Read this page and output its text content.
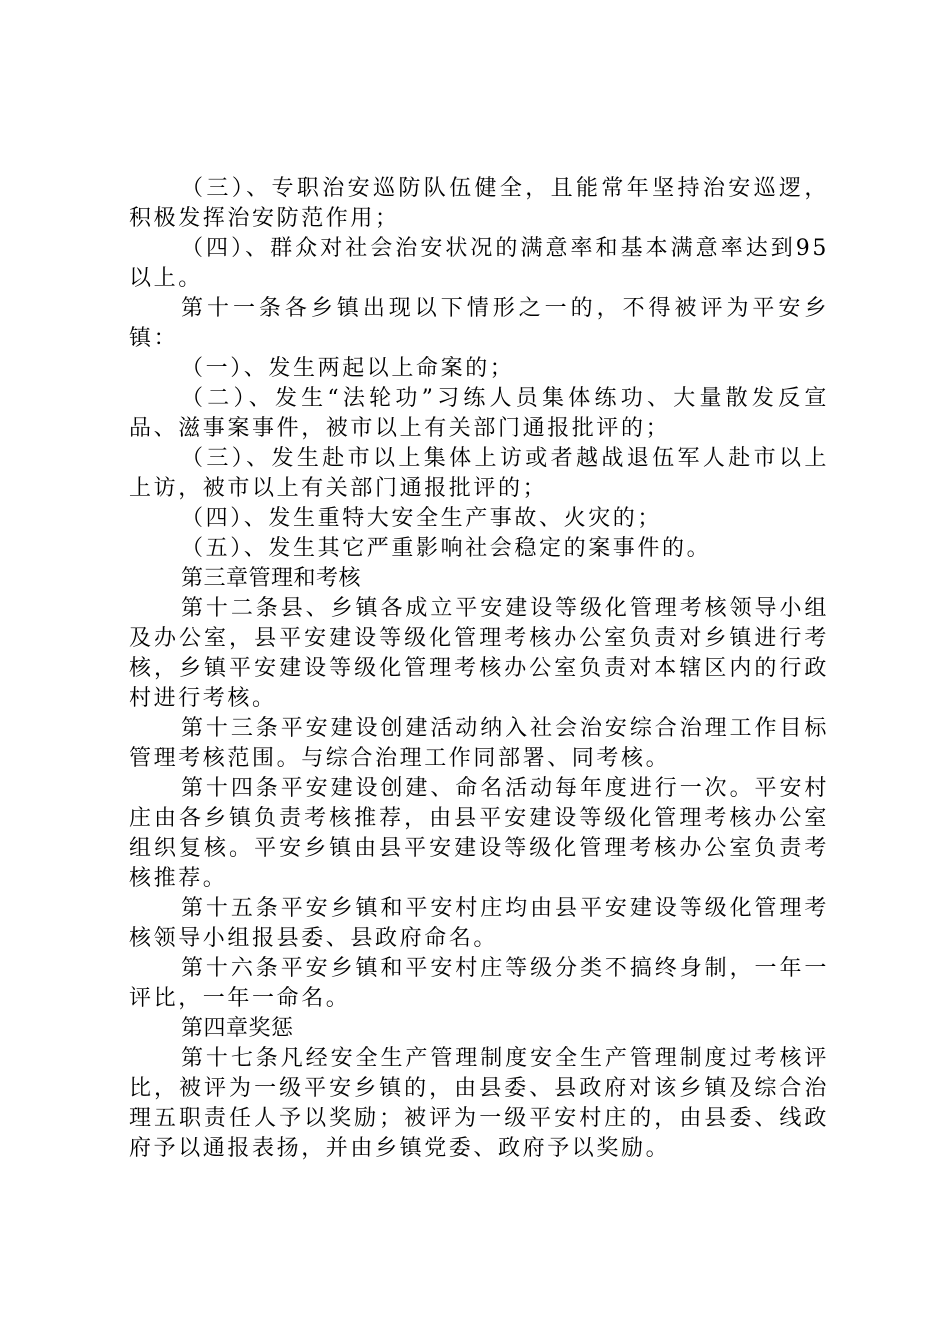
（三）、专职治安巡防队伍健全，且能常年坚持治安巡逻，积极发挥治安防范作用；

（四）、群众对社会治安状况的满意率和基本满意率达到95以上。

第十一条各乡镇出现以下情形之一的，不得被评为平安乡镇：

（一）、发生两起以上命案的；

（二）、发生“法轮功”习练人员集体练功、大量散发反宣品、滋事案事件，被市以上有关部门通报批评的；

（三）、发生赴市以上集体上访或者越战退伍军人赴市以上上访，被市以上有关部门通报批评的；

（四）、发生重特大安全生产事故、火灾的；

（五）、发生其它严重影响社会稳定的案事件的。

第三章管理和考核

第十二条县、乡镇各成立平安建设等级化管理考核领导小组及办公室，县平安建设等级化管理考核办公室负责对乡镇进行考核，乡镇平安建设等级化管理考核办公室负责对本辖区内的行政村进行考核。

第十三条平安建设创建活动纳入社会治安综合治理工作目标管理考核范围。与综合治理工作同部署、同考核。

第十四条平安建设创建、命名活动每年度进行一次。平安村庄由各乡镇负责考核推荐，由县平安建设等级化管理考核办公室组织复核。平安乡镇由县平安建设等级化管理考核办公室负责考核推荐。

第十五条平安乡镇和平安村庄均由县平安建设等级化管理考核领导小组报县委、县政府命名。

第十六条平安乡镇和平安村庄等级分类不搞终身制，一年一评比，一年一命名。

第四章奖惩

第十七条凡经安全生产管理制度安全生产管理制度过考核评比，被评为一级平安乡镇的，由县委、县政府对该乡镇及综合治理五职责任人予以奖励；被评为一级平安村庄的，由县委、线政府予以通报表扬，并由乡镇党委、政府予以奖励。
